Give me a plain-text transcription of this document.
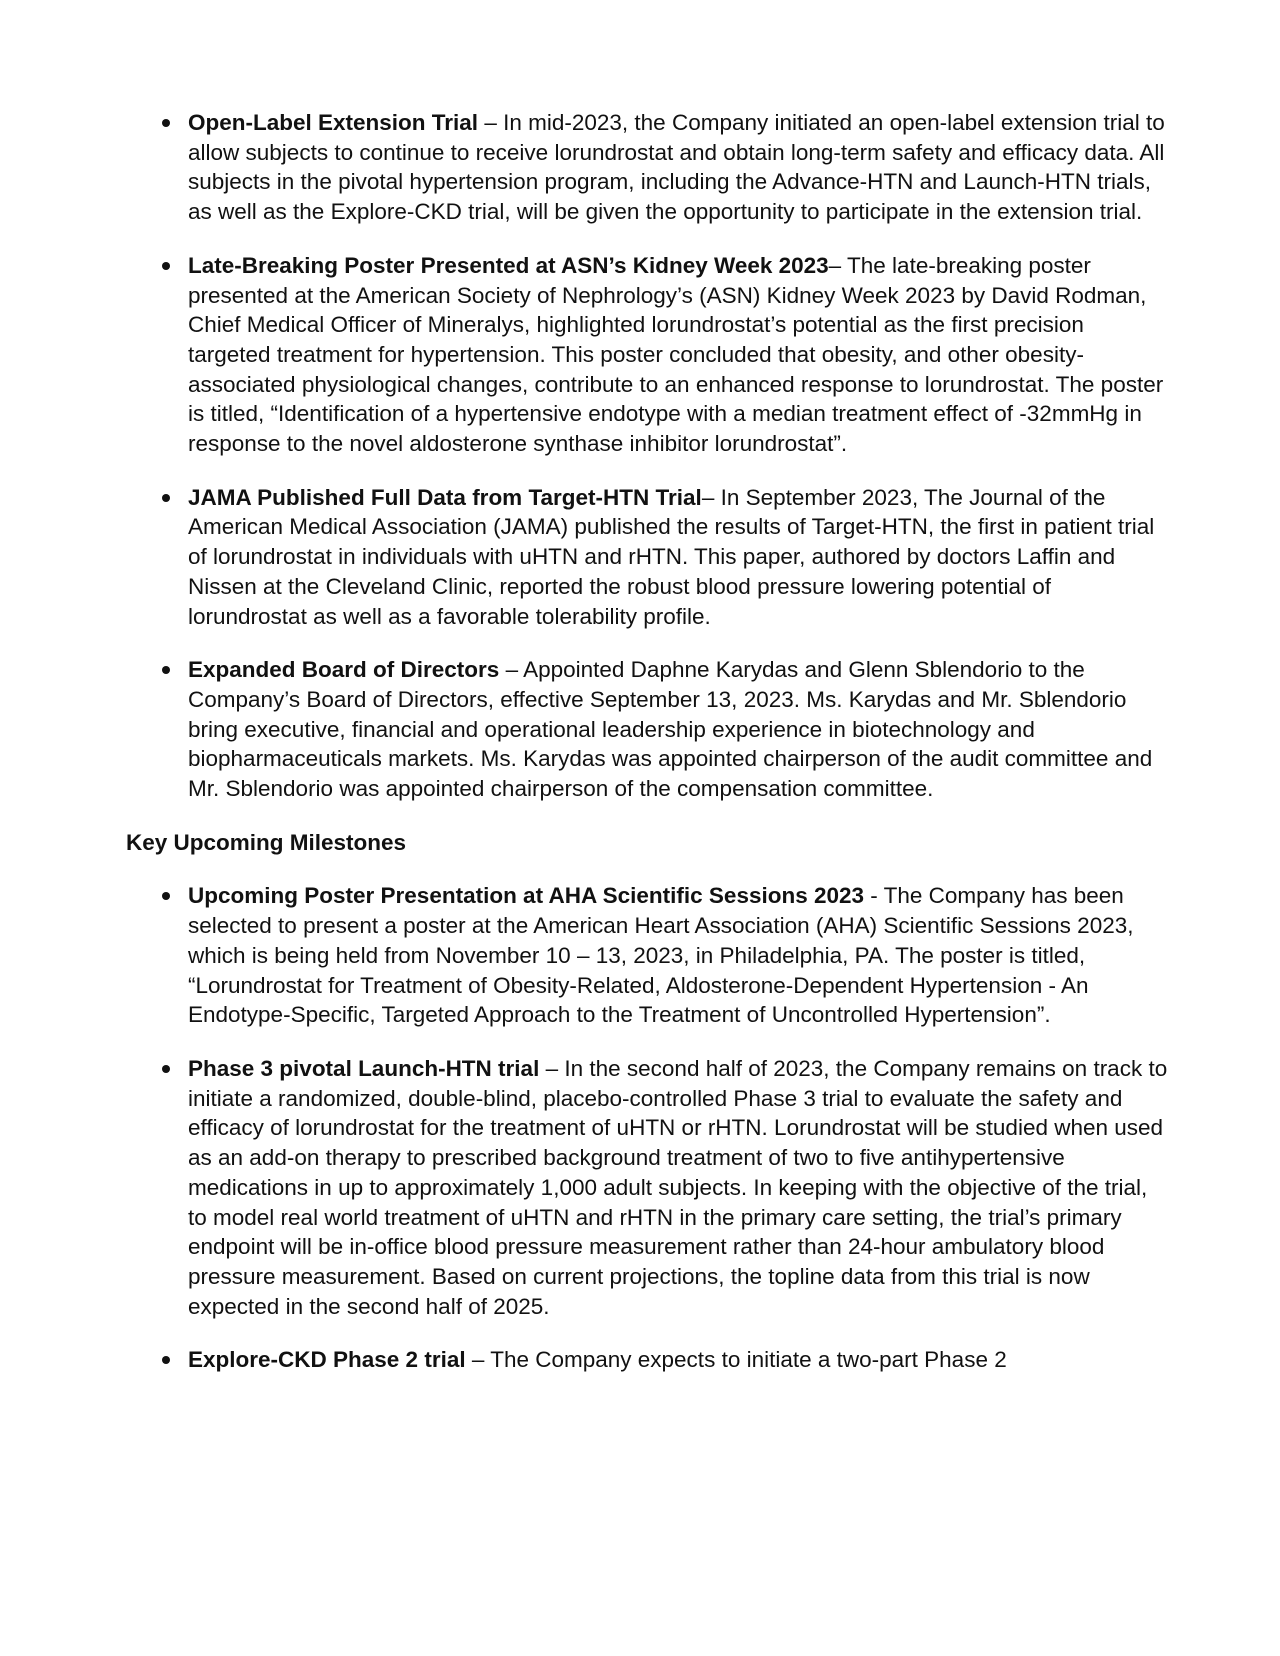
Open-Label Extension Trial – In mid-2023, the Company initiated an open-label extension trial to allow subjects to continue to receive lorundrostat and obtain long-term safety and efficacy data. All subjects in the pivotal hypertension program, including the Advance-HTN and Launch-HTN trials, as well as the Explore-CKD trial, will be given the opportunity to participate in the extension trial.
Late-Breaking Poster Presented at ASN’s Kidney Week 2023– The late-breaking poster presented at the American Society of Nephrology’s (ASN) Kidney Week 2023 by David Rodman, Chief Medical Officer of Mineralys, highlighted lorundrostat’s potential as the first precision targeted treatment for hypertension. This poster concluded that obesity, and other obesity-associated physiological changes, contribute to an enhanced response to lorundrostat. The poster is titled, “Identification of a hypertensive endotype with a median treatment effect of -32mmHg in response to the novel aldosterone synthase inhibitor lorundrostat”.
JAMA Published Full Data from Target-HTN Trial– In September 2023, The Journal of the American Medical Association (JAMA) published the results of Target-HTN, the first in patient trial of lorundrostat in individuals with uHTN and rHTN. This paper, authored by doctors Laffin and Nissen at the Cleveland Clinic, reported the robust blood pressure lowering potential of lorundrostat as well as a favorable tolerability profile.
Expanded Board of Directors – Appointed Daphne Karydas and Glenn Sblendorio to the Company’s Board of Directors, effective September 13, 2023. Ms. Karydas and Mr. Sblendorio bring executive, financial and operational leadership experience in biotechnology and biopharmaceuticals markets. Ms. Karydas was appointed chairperson of the audit committee and Mr. Sblendorio was appointed chairperson of the compensation committee.
Key Upcoming Milestones
Upcoming Poster Presentation at AHA Scientific Sessions 2023 - The Company has been selected to present a poster at the American Heart Association (AHA) Scientific Sessions 2023, which is being held from November 10 – 13, 2023, in Philadelphia, PA. The poster is titled, “Lorundrostat for Treatment of Obesity-Related, Aldosterone-Dependent Hypertension - An Endotype-Specific, Targeted Approach to the Treatment of Uncontrolled Hypertension”.
Phase 3 pivotal Launch-HTN trial – In the second half of 2023, the Company remains on track to initiate a randomized, double-blind, placebo-controlled Phase 3 trial to evaluate the safety and efficacy of lorundrostat for the treatment of uHTN or rHTN. Lorundrostat will be studied when used as an add-on therapy to prescribed background treatment of two to five antihypertensive medications in up to approximately 1,000 adult subjects. In keeping with the objective of the trial, to model real world treatment of uHTN and rHTN in the primary care setting, the trial’s primary endpoint will be in-office blood pressure measurement rather than 24-hour ambulatory blood pressure measurement. Based on current projections, the topline data from this trial is now expected in the second half of 2025.
Explore-CKD Phase 2 trial – The Company expects to initiate a two-part Phase 2
